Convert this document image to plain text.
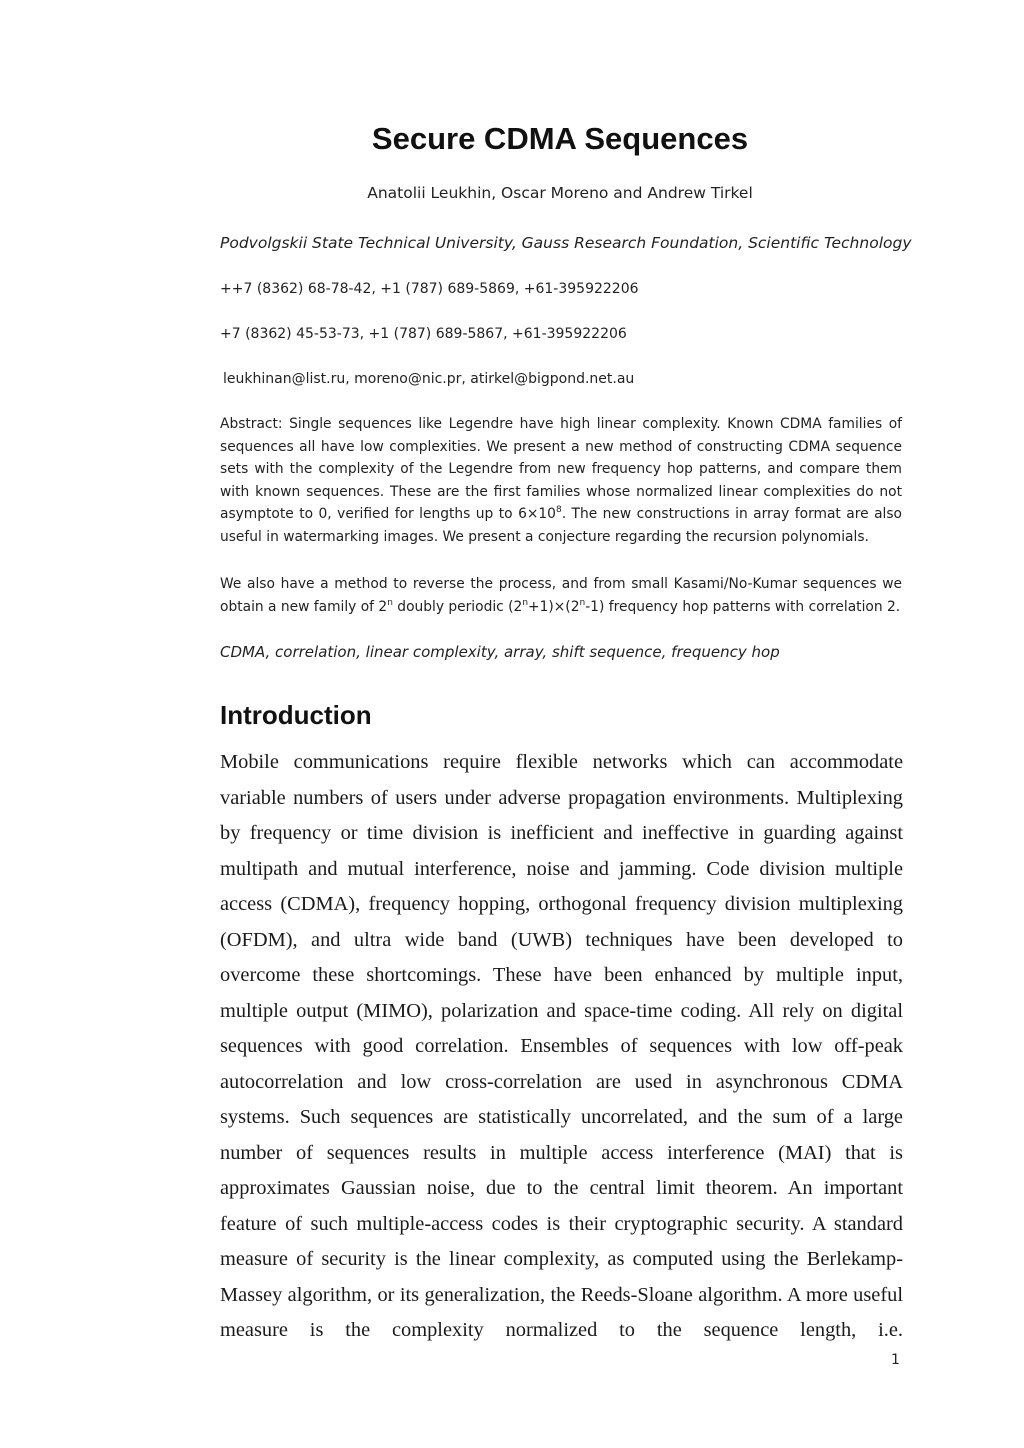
Secure CDMA Sequences
Anatolii Leukhin, Oscar Moreno and Andrew Tirkel
Podvolgskii State Technical University, Gauss Research Foundation, Scientific Technology
++7 (8362) 68-78-42, +1 (787) 689-5869, +61-395922206
+7 (8362) 45-53-73, +1 (787) 689-5867, +61-395922206
leukhinan@list.ru, moreno@nic.pr, atirkel@bigpond.net.au
Abstract: Single sequences like Legendre have high linear complexity. Known CDMA families of sequences all have low complexities. We present a new method of constructing CDMA sequence sets with the complexity of the Legendre from new frequency hop patterns, and compare them with known sequences. These are the first families whose normalized linear complexities do not asymptote to 0, verified for lengths up to $6\times 10^8$. The new constructions in array format are also useful in watermarking images. We present a conjecture regarding the recursion polynomials.
We also have a method to reverse the process, and from small Kasami/No-Kumar sequences we obtain a new family of 2$^n$ doubly periodic $(2^n+1)\times(2^n-1)$ frequency hop patterns with correlation 2.
CDMA, correlation, linear complexity, array, shift sequence, frequency hop
Introduction
Mobile communications require flexible networks which can accommodate variable numbers of users under adverse propagation environments. Multiplexing by frequency or time division is inefficient and ineffective in guarding against multipath and mutual interference, noise and jamming. Code division multiple access (CDMA), frequency hopping, orthogonal frequency division multiplexing (OFDM), and ultra wide band (UWB) techniques have been developed to overcome these shortcomings. These have been enhanced by multiple input, multiple output (MIMO), polarization and space-time coding. All rely on digital sequences with good correlation. Ensembles of sequences with low off-peak autocorrelation and low cross-correlation are used in asynchronous CDMA systems. Such sequences are statistically uncorrelated, and the sum of a large number of sequences results in multiple access interference (MAI) that is approximates Gaussian noise, due to the central limit theorem. An important feature of such multiple-access codes is their cryptographic security. A standard measure of security is the linear complexity, as computed using the Berlekamp-Massey algorithm, or its generalization, the Reeds-Sloane algorithm. A more useful measure is the complexity normalized to the sequence length, i.e.
1
